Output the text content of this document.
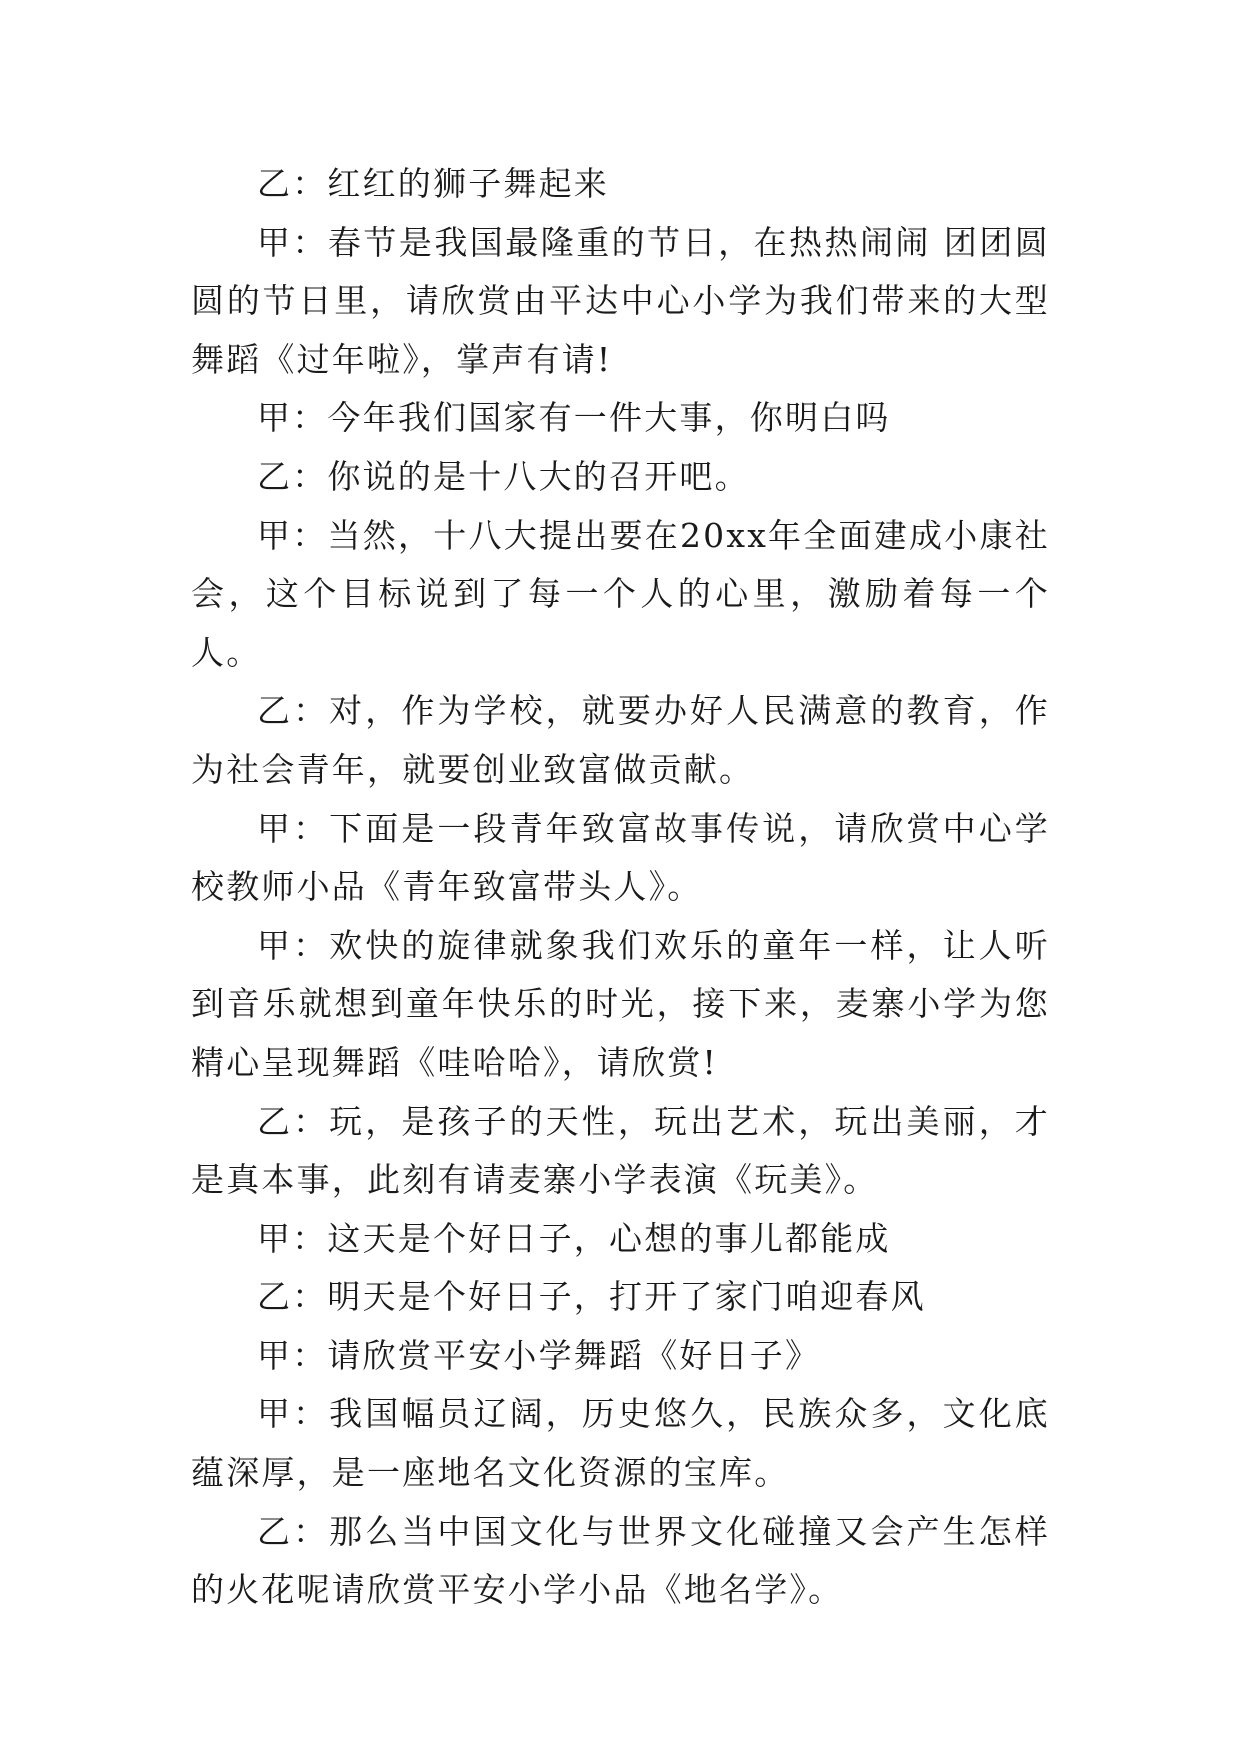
乙：红红的狮子舞起来

甲：春节是我国最隆重的节日，在热热闹闹 团团圆圆的节日里，请欣赏由平达中心小学为我们带来的大型舞蹈《过年啦》，掌声有请!

甲：今年我们国家有一件大事，你明白吗

乙：你说的是十八大的召开吧。

甲：当然，十八大提出要在20xx年全面建成小康社会，这个目标说到了每一个人的心里，激励着每一个人。

乙：对，作为学校，就要办好人民满意的教育，作为社会青年，就要创业致富做贡献。

甲：下面是一段青年致富故事传说，请欣赏中心学校教师小品《青年致富带头人》。

甲：欢快的旋律就象我们欢乐的童年一样，让人听到音乐就想到童年快乐的时光，接下来，麦寨小学为您精心呈现舞蹈《哇哈哈》，请欣赏!

乙：玩，是孩子的天性，玩出艺术，玩出美丽，才是真本事，此刻有请麦寨小学表演《玩美》。

甲：这天是个好日子，心想的事儿都能成

乙：明天是个好日子，打开了家门咱迎春风

甲：请欣赏平安小学舞蹈《好日子》

甲：我国幅员辽阔，历史悠久，民族众多，文化底蕴深厚，是一座地名文化资源的宝库。

乙：那么当中国文化与世界文化碰撞又会产生怎样的火花呢请欣赏平安小学小品《地名学》。
